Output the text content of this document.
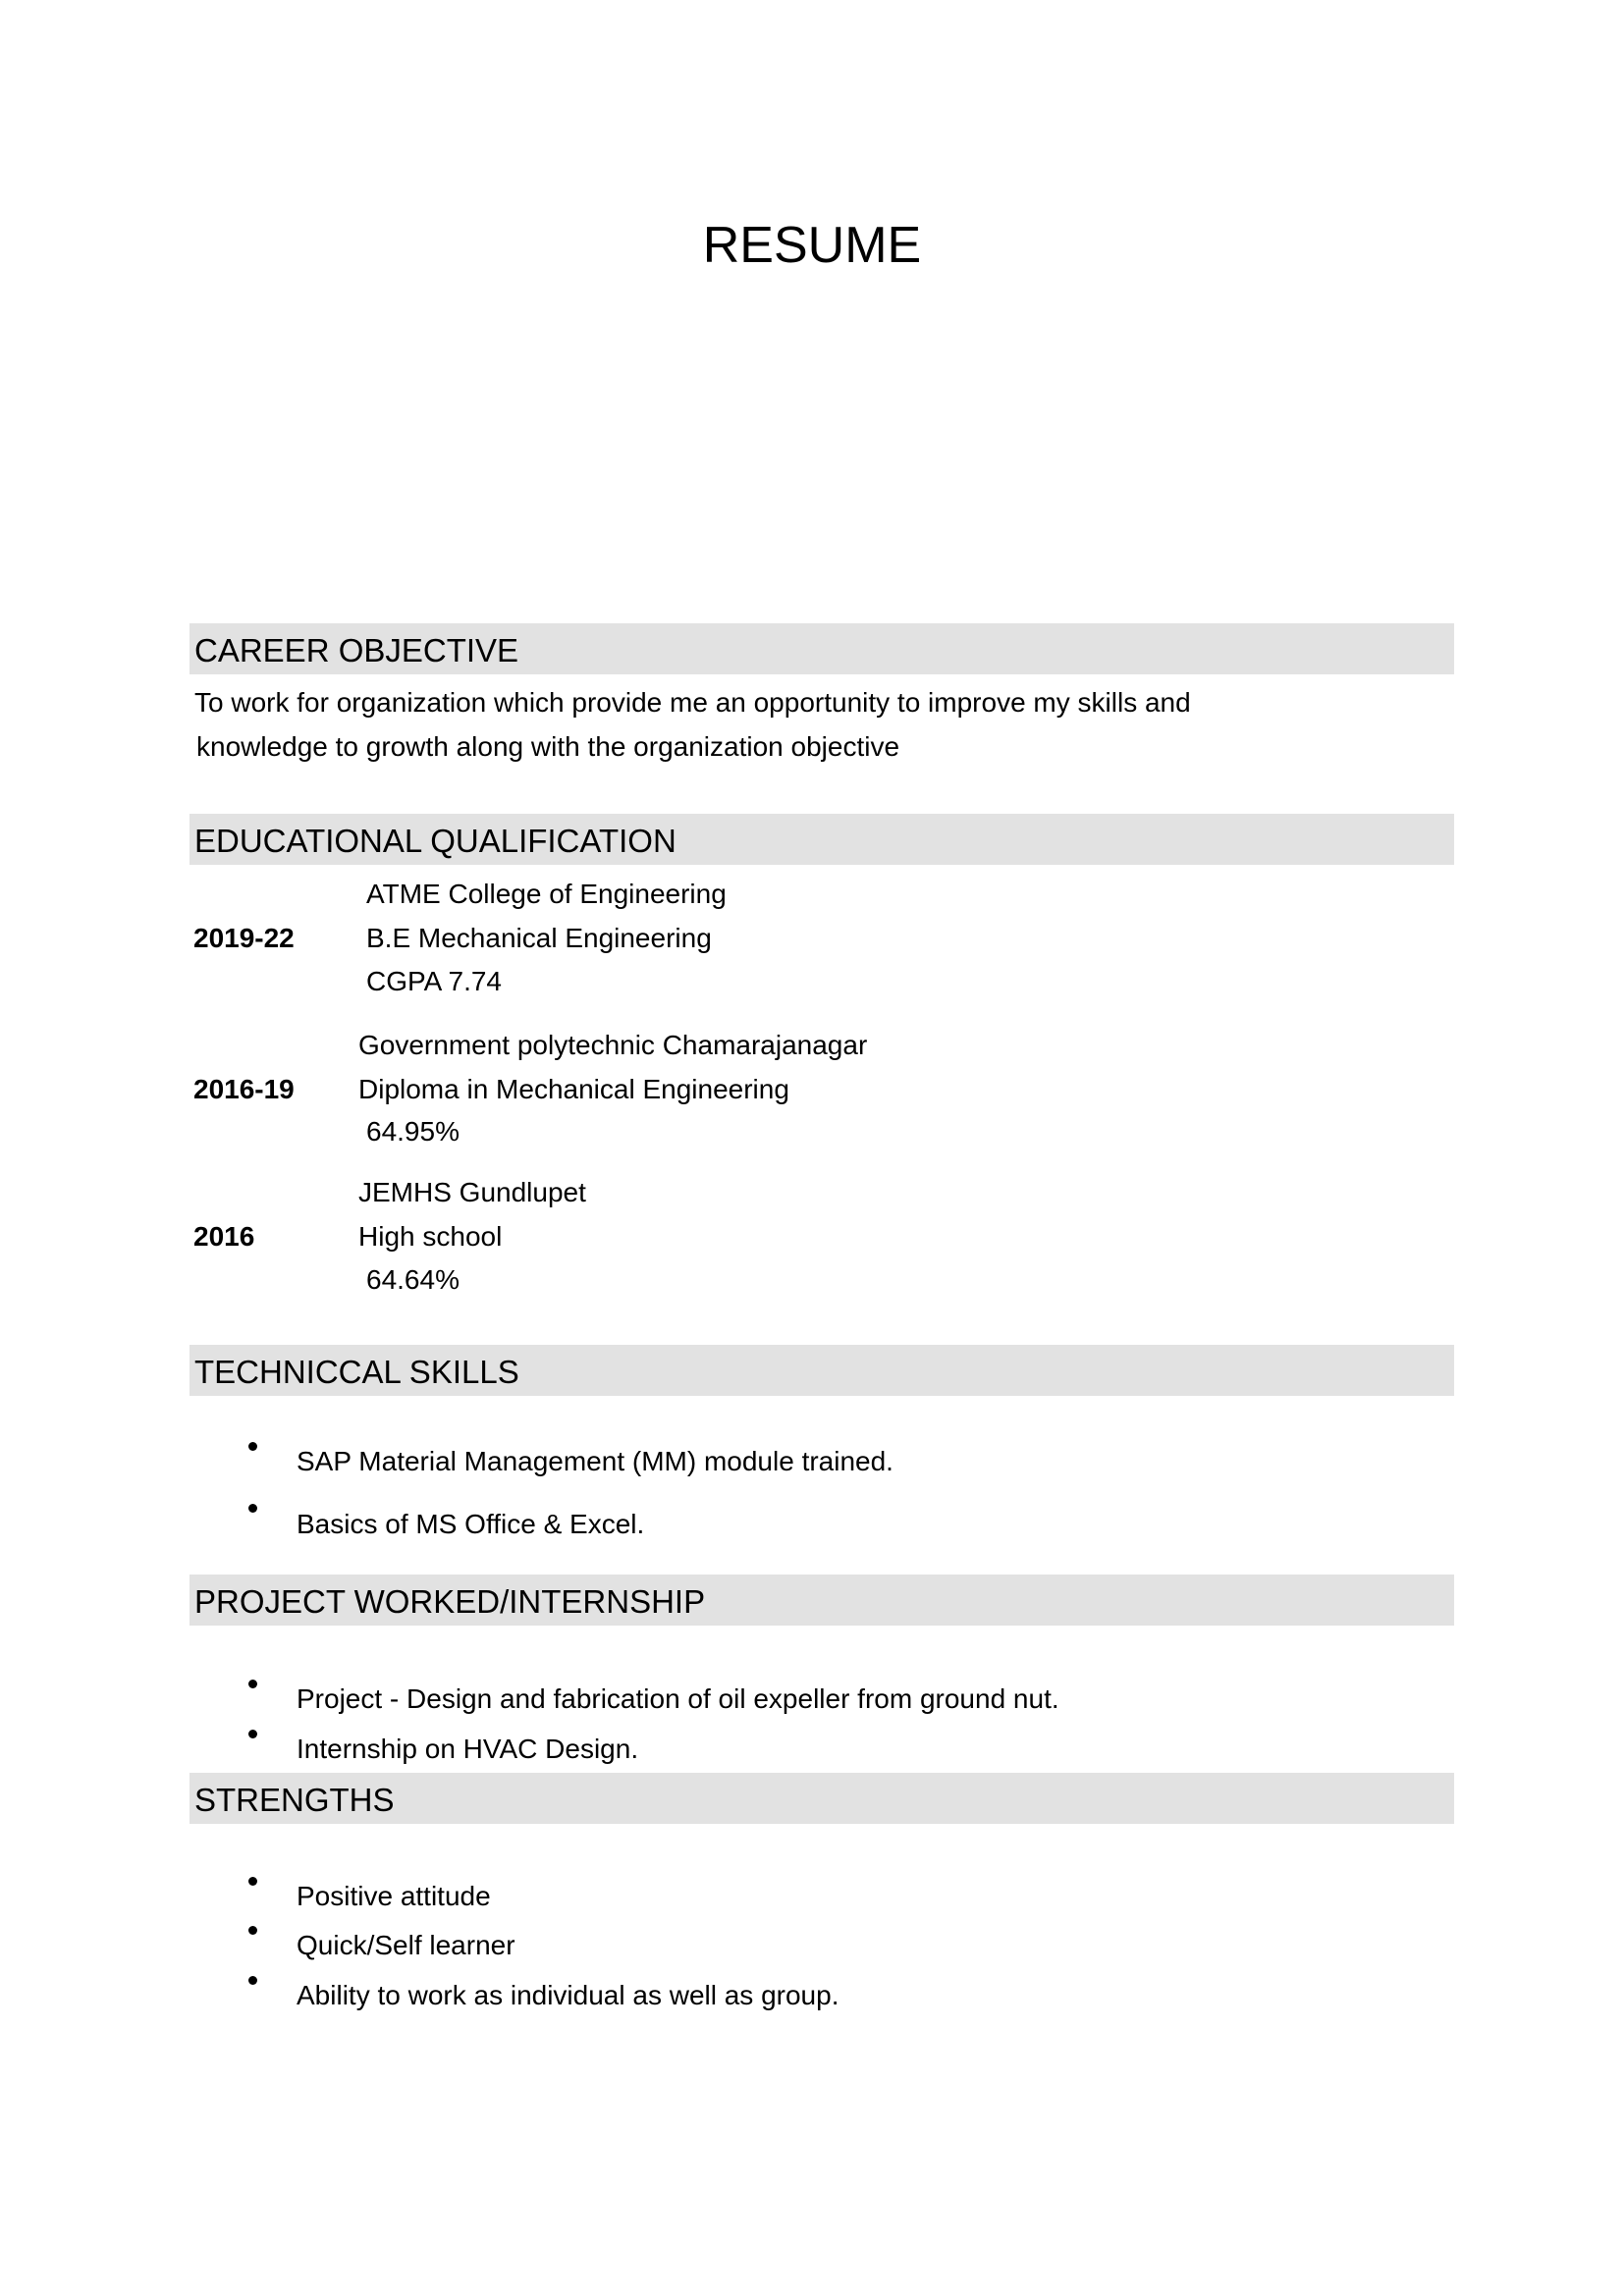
RESUME
CAREER OBJECTIVE
To work for organization which provide me an opportunity to improve my skills and
knowledge to growth along with the organization objective
EDUCATIONAL QUALIFICATION
2019-22
ATME College of Engineering
B.E Mechanical Engineering
CGPA 7.74
2016-19
Government polytechnic Chamarajanagar
Diploma in Mechanical Engineering
64.95%
2016
JEMHS Gundlupet
High school
64.64%
TECHNICCAL SKILLS
SAP Material Management (MM) module trained.
Basics of MS Office & Excel.
PROJECT WORKED/INTERNSHIP
Project - Design and fabrication of oil expeller from ground nut.
Internship on HVAC Design.
STRENGTHS
Positive attitude
Quick/Self learner
Ability to work as individual as well as group.
